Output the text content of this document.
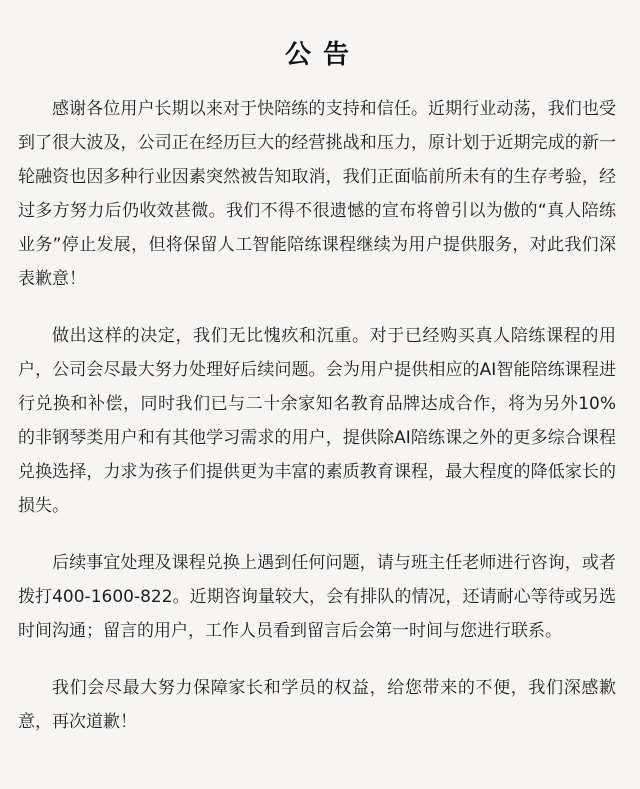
公告

感谢各位用户长期以来对于快陪练的支持和信任。近期行业动荡，我们也受到了很大波及，公司正在经历巨大的经营挑战和压力，原计划于近期完成的新一轮融资也因多种行业因素突然被告知取消，我们正面临前所未有的生存考验，经过多方努力后仍收效甚微。我们不得不很遗憾的宣布将曾引以为傲的“真人陪练业务”停止发展，但将保留人工智能陪练课程继续为用户提供服务，对此我们深表歉意！

做出这样的决定，我们无比愧疚和沉重。对于已经购买真人陪练课程的用户，公司会尽最大努力处理好后续问题。会为用户提供相应的AI智能陪练课程进行兑换和补偿，同时我们已与二十余家知名教育品牌达成合作，将为另外10%的非钢琴类用户和有其他学习需求的用户，提供除AI陪练课之外的更多综合课程兑换选择，力求为孩子们提供更为丰富的素质教育课程，最大程度的降低家长的损失。

后续事宜处理及课程兑换上遇到任何问题，请与班主任老师进行咨询，或者拨打400-1600-822。近期咨询量较大，会有排队的情况，还请耐心等待或另选时间沟通；留言的用户，工作人员看到留言后会第一时间与您进行联系。

我们会尽最大努力保障家长和学员的权益，给您带来的不便，我们深感歉意，再次道歉！
